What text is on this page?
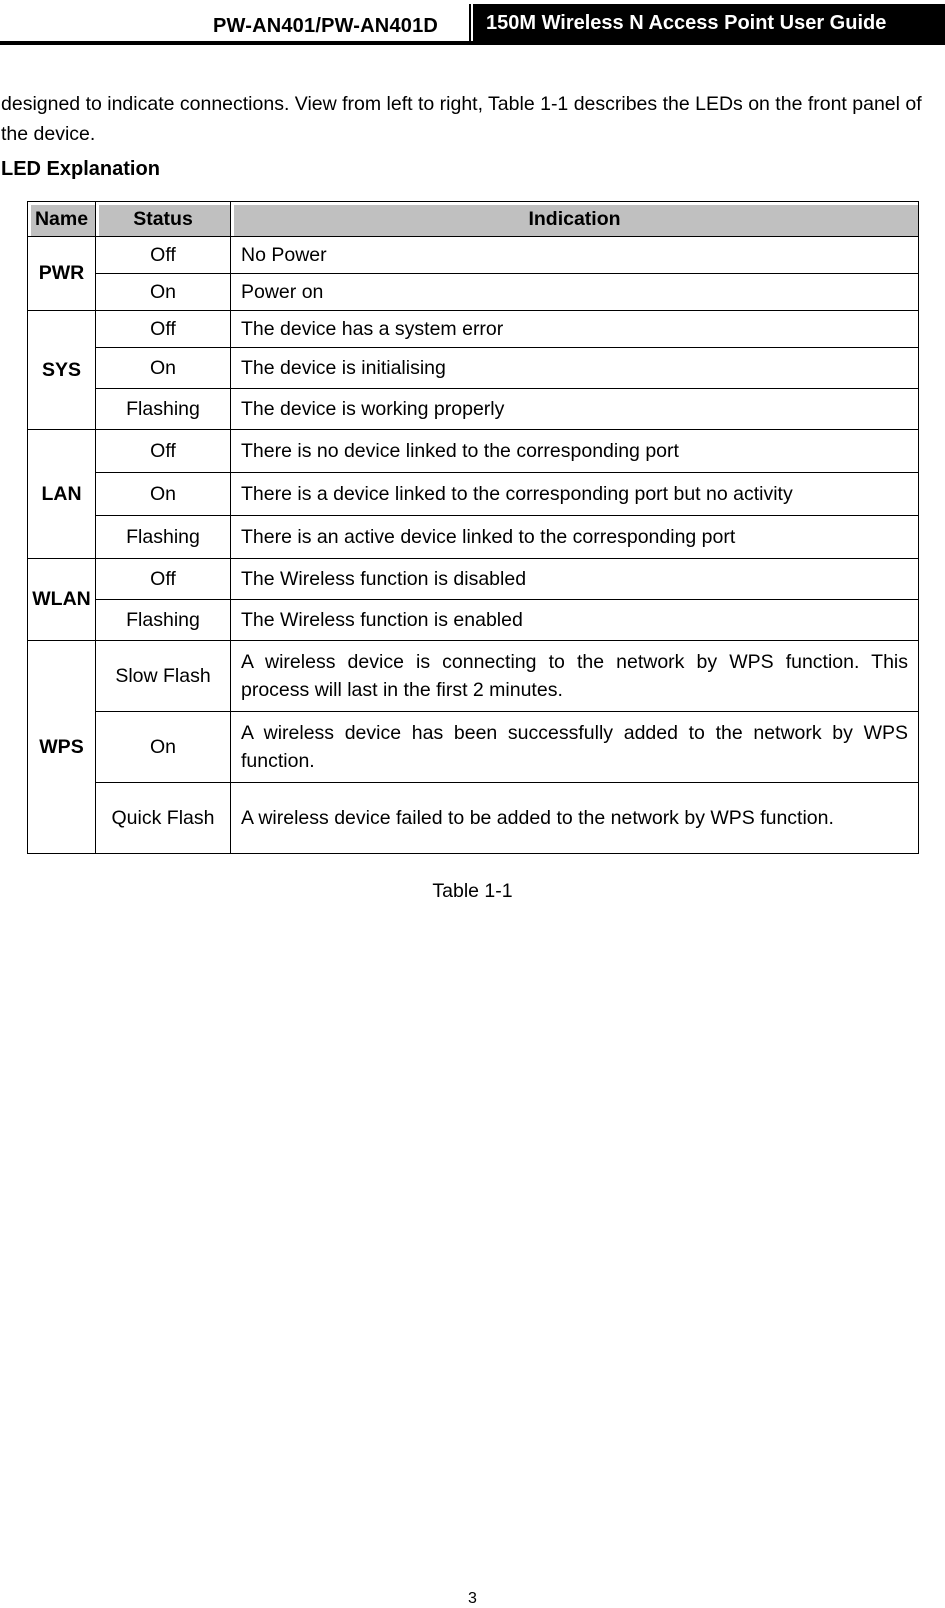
PW-AN401/PW-AN401D	150M Wireless N Access Point User Guide
designed to indicate connections. View from left to right, Table 1-1 describes the LEDs on the front panel of the device.
LED Explanation
Name	Status	Indication
PWR	Off	No Power
	On	Power on
SYS	Off	The device has a system error
	On	The device is initialising
	Flashing	The device is working properly
LAN	Off	There is no device linked to the corresponding port
	On	There is a device linked to the corresponding port but no activity
	Flashing	There is an active device linked to the corresponding port
WLAN	Off	The Wireless function is disabled
	Flashing	The Wireless function is enabled
WPS	Slow Flash	A wireless device is connecting to the network by WPS function. This process will last in the first 2 minutes.
	On	A wireless device has been successfully added to the network by WPS function.
	Quick Flash	A wireless device failed to be added to the network by WPS function.
Table 1-1
3
